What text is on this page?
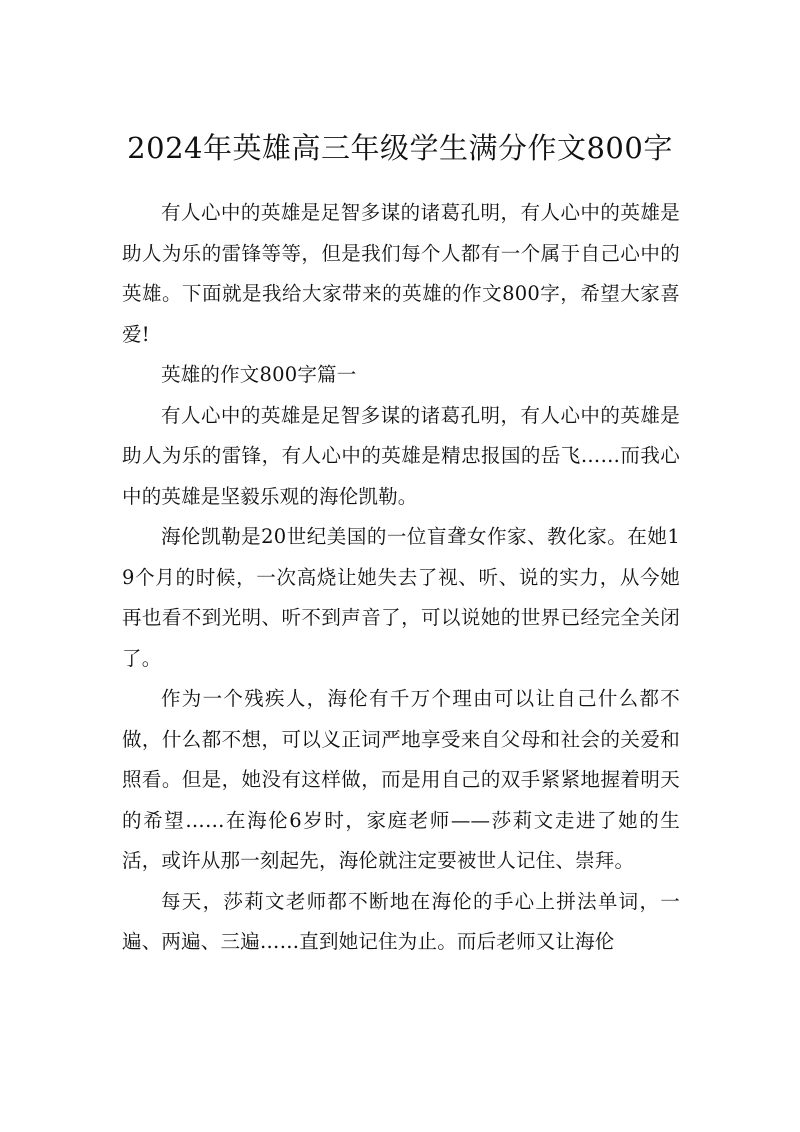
2024年英雄高三年级学生满分作文800字

有人心中的英雄是足智多谋的诸葛孔明，有人心中的英雄是助人为乐的雷锋等等，但是我们每个人都有一个属于自己心中的英雄。下面就是我给大家带来的英雄的作文800字，希望大家喜爱!

英雄的作文800字篇一

有人心中的英雄是足智多谋的诸葛孔明，有人心中的英雄是助人为乐的雷锋，有人心中的英雄是精忠报国的岳飞……而我心中的英雄是坚毅乐观的海伦凯勒。

海伦凯勒是20世纪美国的一位盲聋女作家、教化家。在她19个月的时候，一次高烧让她失去了视、听、说的实力，从今她再也看不到光明、听不到声音了，可以说她的世界已经完全关闭了。

作为一个残疾人，海伦有千万个理由可以让自己什么都不做，什么都不想，可以义正词严地享受来自父母和社会的关爱和照看。但是，她没有这样做，而是用自己的双手紧紧地握着明天的希望……在海伦6岁时，家庭老师——莎莉文走进了她的生活，或许从那一刻起先，海伦就注定要被世人记住、崇拜。

每天，莎莉文老师都不断地在海伦的手心上拼法单词，一遍、两遍、三遍……直到她记住为止。而后老师又让海伦
